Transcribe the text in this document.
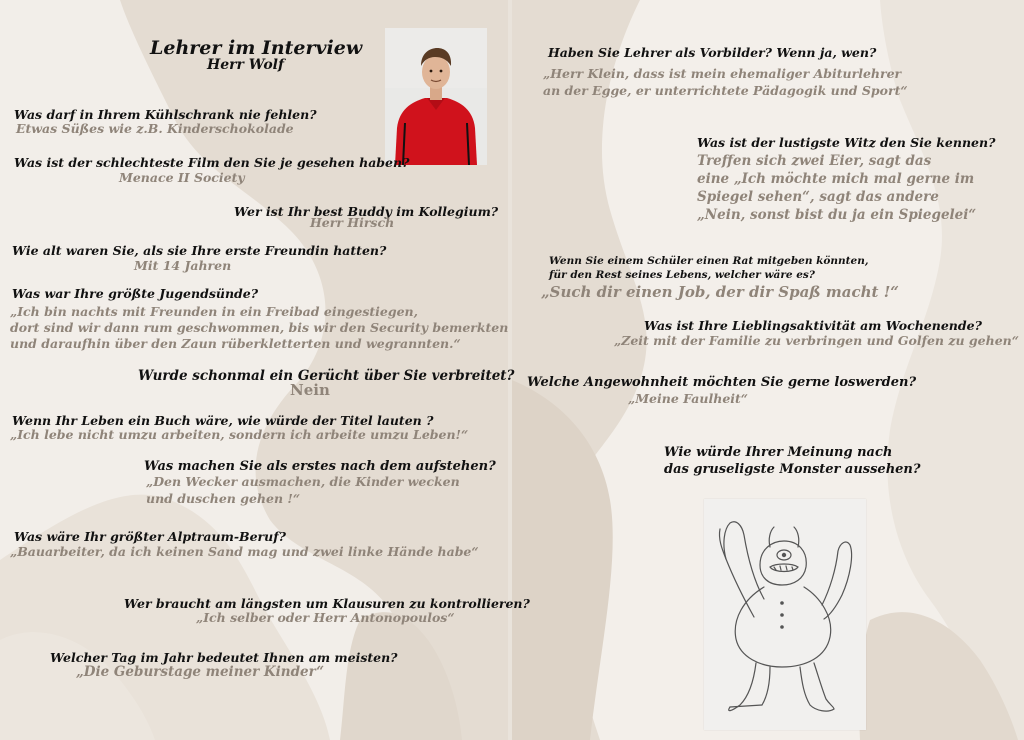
Lehrer im Interview
Herr Wolf
Was darf in Ihrem Kühlschrank nie fehlen?
Etwas Süßes wie z.B. Kinderschokolade
Was ist der schlechteste Film den Sie je gesehen haben?
Menace II Society
Wer ist Ihr best Buddy im Kollegium?
Herr Hirsch
Wie alt waren Sie, als sie Ihre erste Freundin hatten?
Mit 14 Jahren
Was war Ihre größte Jugendsünde?
„Ich bin nachts mit Freunden in ein Freibad eingestiegen,
dort sind wir dann rum geschwommen, bis wir den Security bemerkten
und daraufhin über den Zaun rüberkletterten und wegrannten.“
Wurde schonmal ein Gerücht über Sie verbreitet?
Nein
Wenn Ihr Leben ein Buch wäre, wie würde der Titel lauten ?
„Ich lebe nicht umzu arbeiten, sondern ich arbeite umzu Leben!“
Was machen Sie als erstes nach dem aufstehen?
„Den Wecker ausmachen, die Kinder wecken
und duschen gehen !“
Was wäre Ihr größter Alptraum-Beruf?
„Bauarbeiter, da ich keinen Sand mag und zwei linke Hände habe“
Wer braucht am längsten um Klausuren zu kontrollieren?
„Ich selber oder Herr Antonopoulos“
Welcher Tag im Jahr bedeutet Ihnen am meisten?
„Die Geburstage meiner Kinder“
Haben Sie Lehrer als Vorbilder? Wenn ja, wen?
„Herr Klein, dass ist mein ehemaliger Abiturlehrer
an der Egge, er unterrichtete Pädagogik und Sport“
Was ist der lustigste Witz den Sie kennen?
Treffen sich zwei Eier, sagt das
eine „Ich möchte mich mal gerne im
Spiegel sehen“, sagt das andere
„Nein, sonst bist du ja ein Spiegelei“
Wenn Sie einem Schüler einen Rat mitgeben könnten,
für den Rest seines Lebens, welcher wäre es?
„Such dir einen Job, der dir Spaß macht !“
Was ist Ihre Lieblingsaktivität am Wochenende?
„Zeit mit der Familie zu verbringen und Golfen zu gehen“
Welche Angewohnheit möchten Sie gerne loswerden?
„Meine Faulheit“
Wie würde Ihrer Meinung nach
das gruseligste Monster aussehen?
